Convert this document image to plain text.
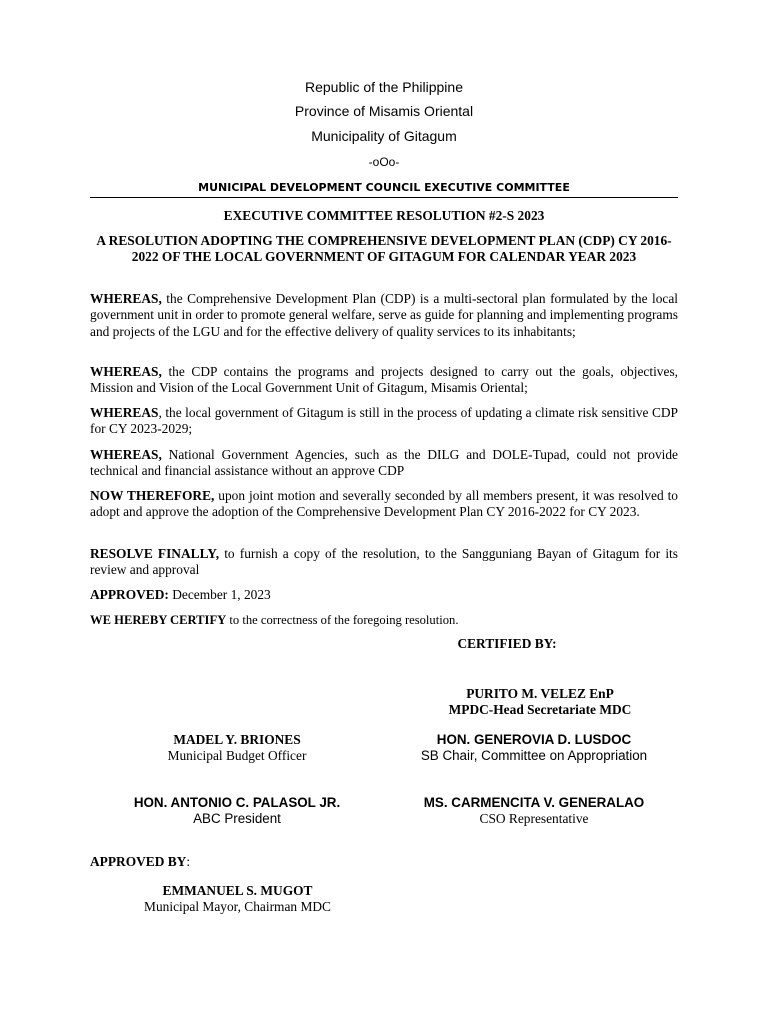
Republic of the Philippine
Province of Misamis Oriental
Municipality of Gitagum
-oOo-
MUNICIPAL DEVELOPMENT COUNCIL EXECUTIVE COMMITTEE
EXECUTIVE COMMITTEE RESOLUTION #2-S 2023
A RESOLUTION ADOPTING THE COMPREHENSIVE DEVELOPMENT PLAN (CDP) CY 2016-2022 OF THE LOCAL GOVERNMENT OF GITAGUM FOR CALENDAR YEAR 2023
WHEREAS, the Comprehensive Development Plan (CDP) is a multi-sectoral plan formulated by the local government unit in order to promote general welfare, serve as guide for planning and implementing programs and projects of the LGU and for the effective delivery of quality services to its inhabitants;
WHEREAS, the CDP contains the programs and projects designed to carry out the goals, objectives, Mission and Vision of the Local Government Unit of Gitagum, Misamis Oriental;
WHEREAS, the local government of Gitagum is still in the process of updating a climate risk sensitive CDP for CY 2023-2029;
WHEREAS, National Government Agencies, such as the DILG and DOLE-Tupad, could not provide technical and financial assistance without an approve CDP
NOW THEREFORE, upon joint motion and severally seconded by all members present, it was resolved to adopt and approve the adoption of the Comprehensive Development Plan CY 2016-2022 for CY 2023.
RESOLVE FINALLY, to furnish a copy of the resolution, to the Sangguniang Bayan of Gitagum for its review and approval
APPROVED: December 1, 2023
WE HEREBY CERTIFY to the correctness of the foregoing resolution.
CERTIFIED BY:
PURITO M. VELEZ EnP
MPDC-Head Secretariate MDC
MADEL Y. BRIONES
Municipal Budget Officer
HON. GENEROVIA D. LUSDOC
SB Chair, Committee on Appropriation
HON. ANTONIO C. PALASOL JR.
ABC President
MS. CARMENCITA V. GENERALAO
CSO Representative
APPROVED BY:
EMMANUEL S. MUGOT
Municipal Mayor, Chairman MDC
